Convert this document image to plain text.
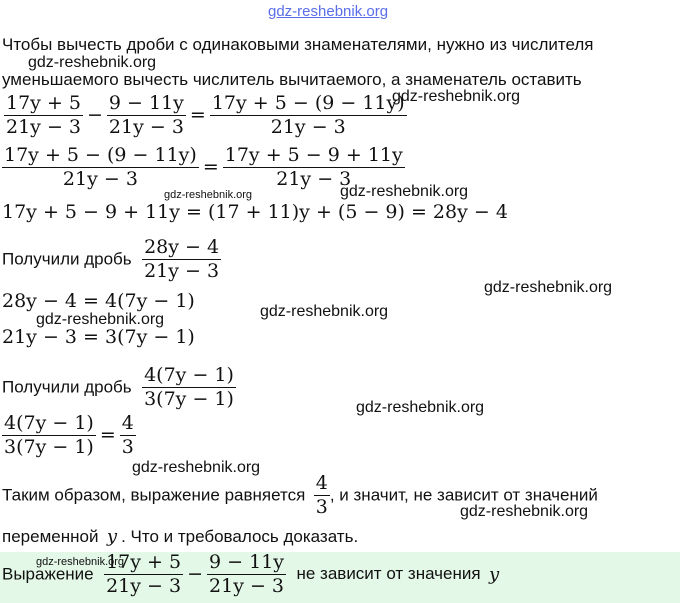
gdz-reshebnik.org
Чтобы вычесть дроби с одинаковыми знаменателями, нужно из числителя
gdz-reshebnik.org
уменьшаемого вычесть числитель вычитаемого, а знаменатель оставить
$\frac{17y + 5}{21y - 3} - \frac{9 - 11y}{21y - 3} = \frac{17y + 5 - (9 - 11y)}{21y - 3}$
gdz-reshebnik.org
$\frac{17y + 5 - (9 - 11y)}{21y - 3} = \frac{17y + 5 - 9 + 11y}{21y - 3}$
gdz-reshebnik.org	gdz-reshebnik.org
17y + 5 − 9 + 11y = (17 + 11)y + (5 − 9) = 28y − 4
Получили дробь $\frac{28y - 4}{21y - 3}$
gdz-reshebnik.org
28y − 4 = 4(7y − 1)	gdz-reshebnik.org
gdz-reshebnik.org
21y − 3 = 3(7y − 1)
Получили дробь $\frac{4(7y - 1)}{3(7y - 1)}$	gdz-reshebnik.org
$\frac{4(7y - 1)}{3(7y - 1)} = \frac{4}{3}$
gdz-reshebnik.org
Таким образом, выражение равняется $\frac{4}{3}$ , и значит, не зависит от значений
gdz-reshebnik.org
переменной y . Что и требовалось доказать.
gdz-reshebnik.org
Выражение $\frac{17y + 5}{21y - 3} - \frac{9 - 11y}{21y - 3}$ не зависит от значения y
